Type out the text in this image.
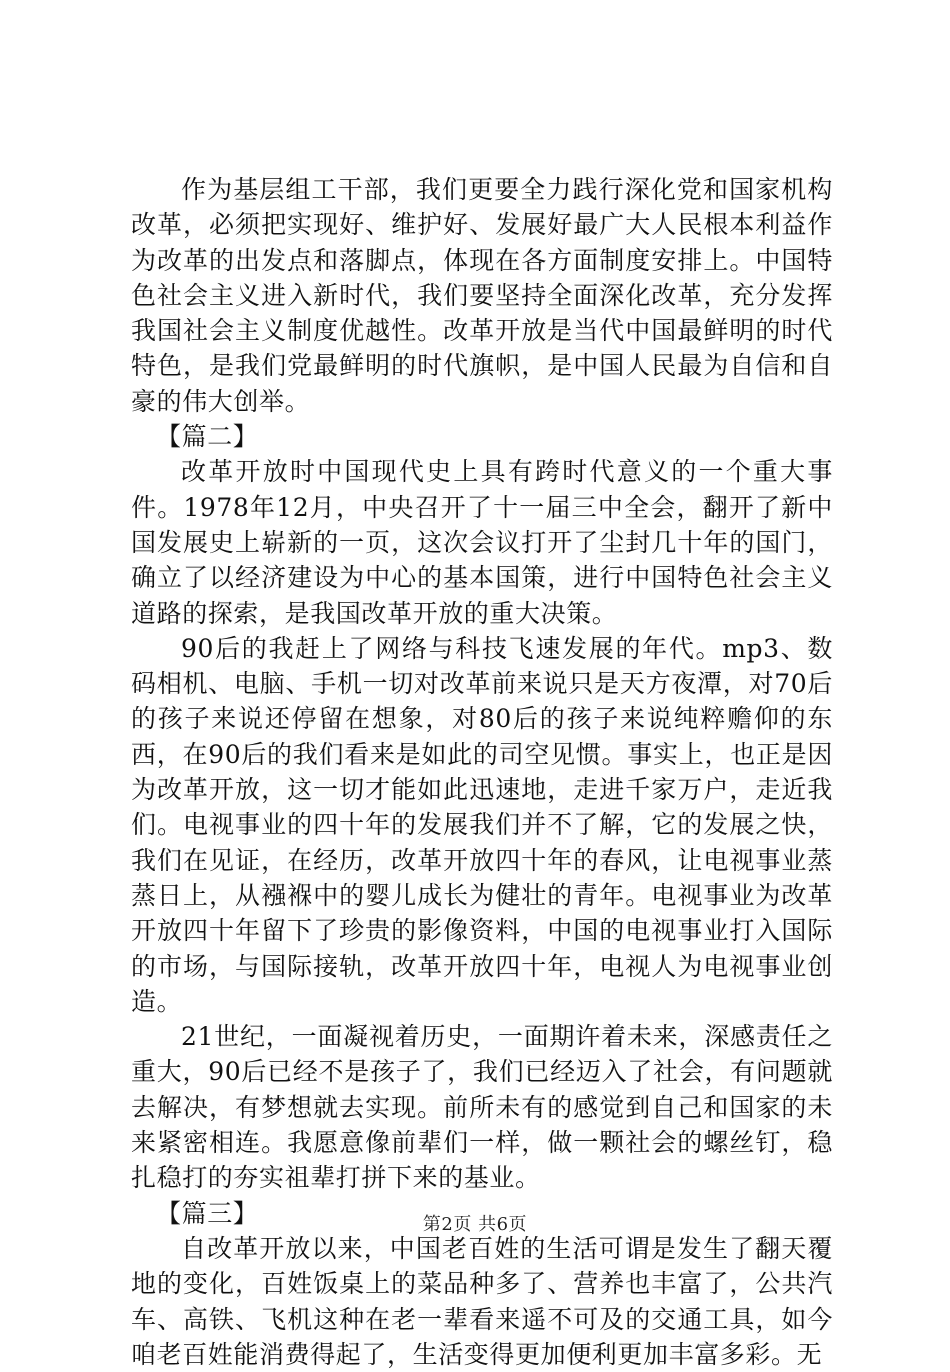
作为基层组工干部，我们更要全力践行深化党和国家机构改革，必须把实现好、维护好、发展好最广大人民根本利益作为改革的出发点和落脚点，体现在各方面制度安排上。中国特色社会主义进入新时代，我们要坚持全面深化改革，充分发挥我国社会主义制度优越性。改革开放是当代中国最鲜明的时代特色，是我们党最鲜明的时代旗帜，是中国人民最为自信和自豪的伟大创举。

【篇二】

改革开放时中国现代史上具有跨时代意义的一个重大事件。1978年12月，中央召开了十一届三中全会，翻开了新中国发展史上崭新的一页，这次会议打开了尘封几十年的国门，确立了以经济建设为中心的基本国策，进行中国特色社会主义道路的探索，是我国改革开放的重大决策。

90后的我赶上了网络与科技飞速发展的年代。mp3、数码相机、电脑、手机一切对改革前来说只是天方夜潭，对70后的孩子来说还停留在想象，对80后的孩子来说纯粹赡仰的东西，在90后的我们看来是如此的司空见惯。事实上，也正是因为改革开放，这一切才能如此迅速地，走进千家万户，走近我们。电视事业的四十年的发展我们并不了解，它的发展之快，我们在见证，在经历，改革开放四十年的春风，让电视事业蒸蒸日上，从襁褓中的婴儿成长为健壮的青年。电视事业为改革开放四十年留下了珍贵的影像资料，中国的电视事业打入国际的市场，与国际接轨，改革开放四十年，电视人为电视事业创造。

21世纪，一面凝视着历史，一面期许着未来，深感责任之重大，90后已经不是孩子了，我们已经迈入了社会，有问题就去解决，有梦想就去实现。前所未有的感觉到自己和国家的未来紧密相连。我愿意像前辈们一样，做一颗社会的螺丝钉，稳扎稳打的夯实祖辈打拼下来的基业。

【篇三】

自改革开放以来，中国老百姓的生活可谓是发生了翻天覆地的变化，百姓饭桌上的菜品种多了、营养也丰富了，公共汽车、高铁、飞机这种在老一辈看来遥不可及的交通工具，如今咱老百姓能消费得起了，生活变得更加便利更加丰富多彩。无

第2页 共6页
